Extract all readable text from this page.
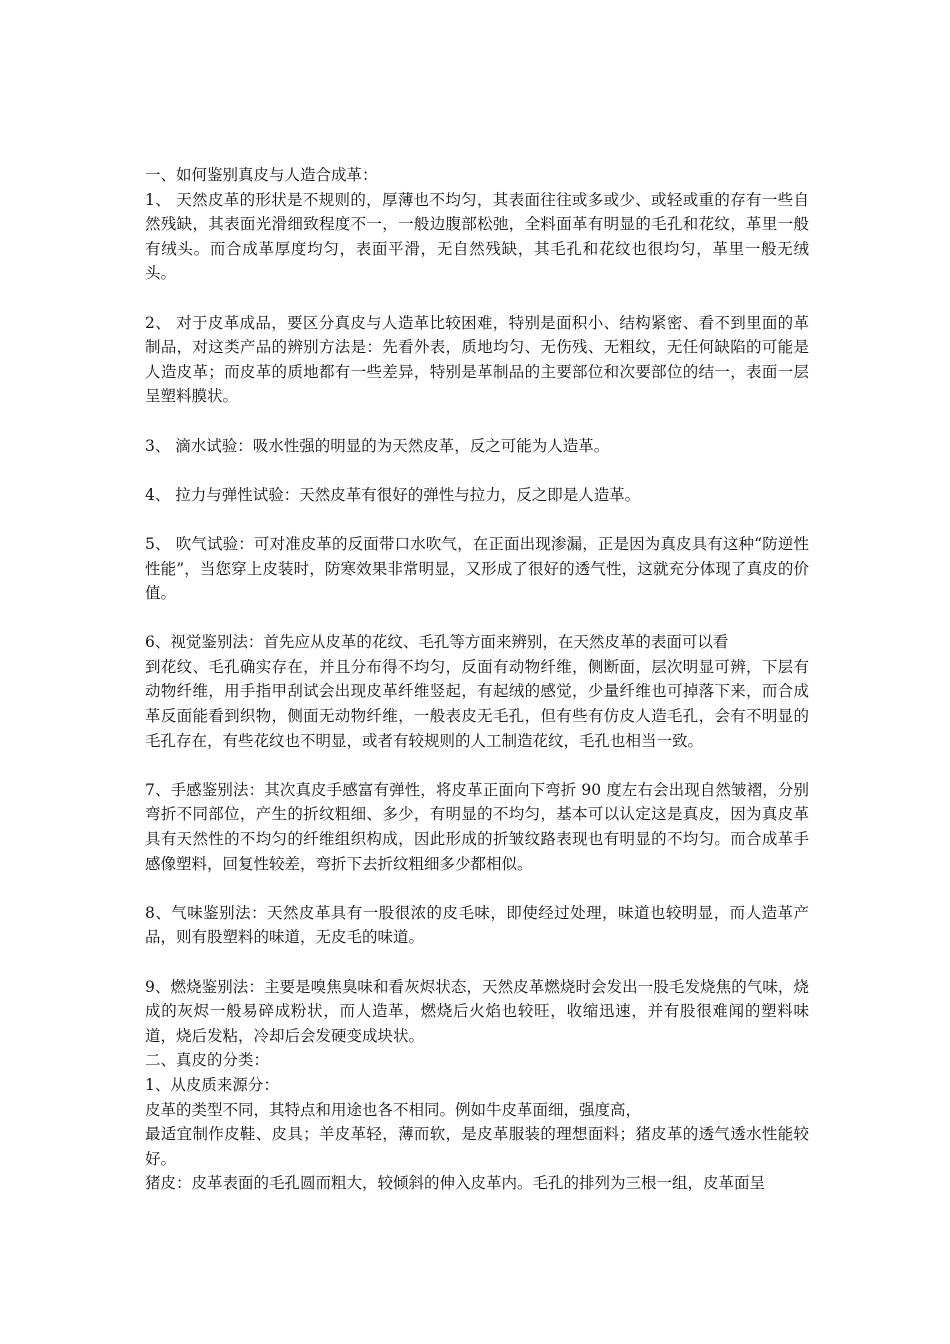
一、如何鉴别真皮与人造合成革：

1、 天然皮革的形状是不规则的，厚薄也不均匀，其表面往往或多或少、或轻或重的存有一些自然残缺，其表面光滑细致程度不一，一般边腹部松弛，全料面革有明显的毛孔和花纹，革里一般有绒头。而合成革厚度均匀，表面平滑，无自然残缺，其毛孔和花纹也很均匀，革里一般无绒头。

2、 对于皮革成品，要区分真皮与人造革比较困难，特别是面积小、结构紧密、看不到里面的革制品，对这类产品的辨别方法是：先看外表，质地均匀、无伤残、无粗纹，无任何缺陷的可能是人造皮革；而皮革的质地都有一些差异，特别是革制品的主要部位和次要部位的结一，表面一层呈塑料膜状。

3、 滴水试验：吸水性强的明显的为天然皮革，反之可能为人造革。

4、 拉力与弹性试验：天然皮革有很好的弹性与拉力，反之即是人造革。

5、 吹气试验：可对准皮革的反面带口水吹气，在正面出现渗漏，正是因为真皮具有这种“防逆性性能”，当您穿上皮装时，防寒效果非常明显，又形成了很好的透气性，这就充分体现了真皮的价值。

6、视觉鉴别法：首先应从皮革的花纹、毛孔等方面来辨别，在天然皮革的表面可以看

到花纹、毛孔确实存在，并且分布得不均匀，反面有动物纤维，侧断面，层次明显可辨，下层有动物纤维，用手指甲刮试会出现皮革纤维竖起，有起绒的感觉，少量纤维也可掉落下来，而合成革反面能看到织物，侧面无动物纤维，一般表皮无毛孔，但有些有仿皮人造毛孔，会有不明显的毛孔存在，有些花纹也不明显，或者有较规则的人工制造花纹，毛孔也相当一致。

7、手感鉴别法：其次真皮手感富有弹性，将皮革正面向下弯折 90 度左右会出现自然皱褶，分别弯折不同部位，产生的折纹粗细、多少，有明显的不均匀，基本可以认定这是真皮，因为真皮革具有天然性的不均匀的纤维组织构成，因此形成的折皱纹路表现也有明显的不均匀。而合成革手感像塑料，回复性较差，弯折下去折纹粗细多少都相似。

8、气味鉴别法：天然皮革具有一股很浓的皮毛味，即使经过处理，味道也较明显，而人造革产品，则有股塑料的味道，无皮毛的味道。

9、燃烧鉴别法：主要是嗅焦臭味和看灰烬状态，天然皮革燃烧时会发出一股毛发烧焦的气味，烧成的灰烬一般易碎成粉状，而人造革，燃烧后火焰也较旺，收缩迅速，并有股很难闻的塑料味道，烧后发粘，冷却后会发硬变成块状。

二、真皮的分类：

1、从皮质来源分：

皮革的类型不同，其特点和用途也各不相同。例如牛皮革面细，强度高，

最适宜制作皮鞋、皮具；羊皮革轻，薄而软，是皮革服装的理想面料；猪皮革的透气透水性能较好。

猪皮：皮革表面的毛孔圆而粗大，较倾斜的伸入皮革内。毛孔的排列为三根一组，皮革面呈
